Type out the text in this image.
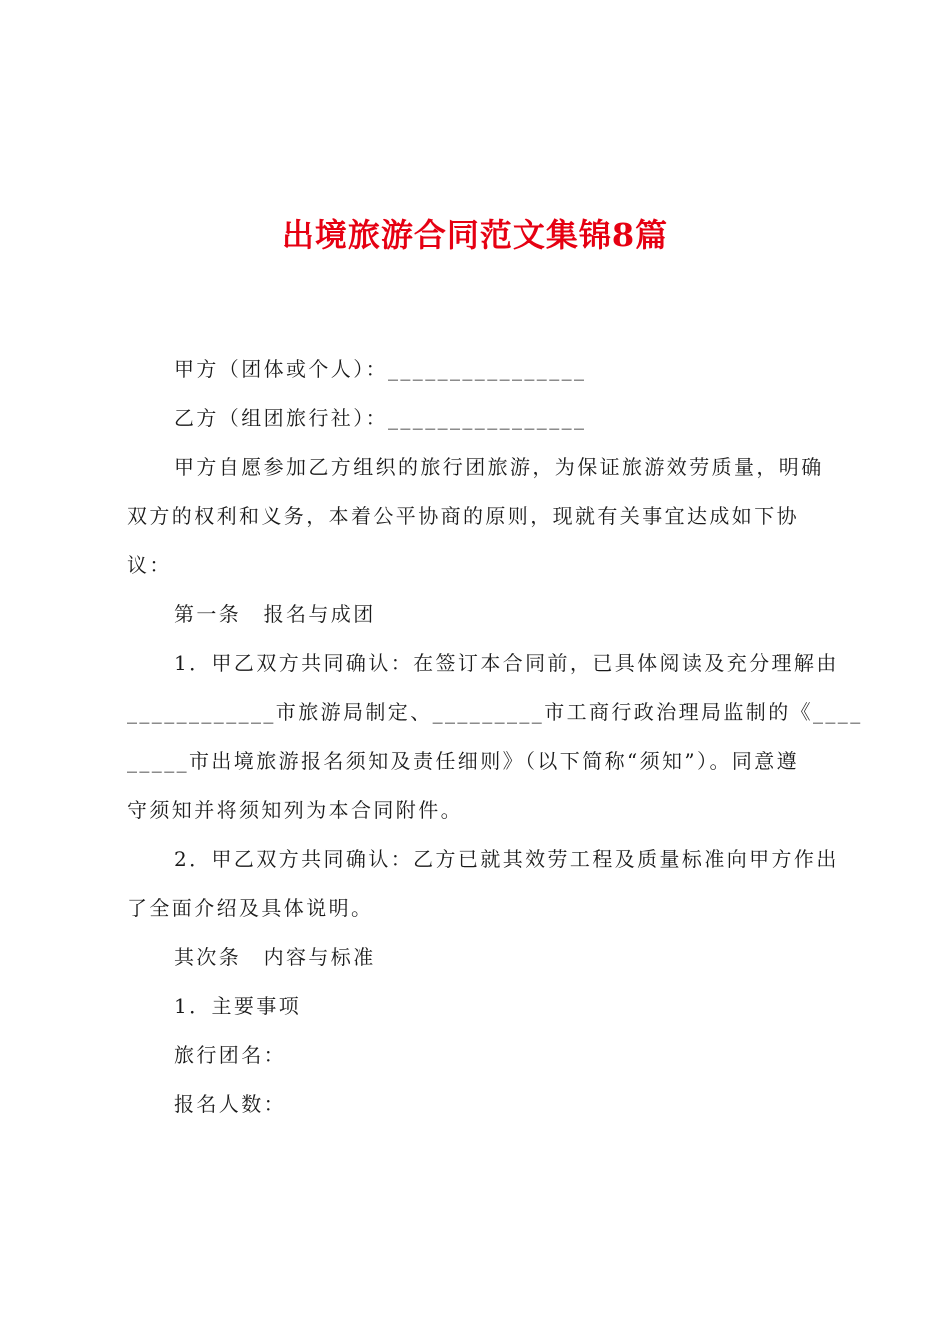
出境旅游合同范文集锦8篇

甲方（团体或个人）：________________

乙方（组团旅行社）：________________

甲方自愿参加乙方组织的旅行团旅游，为保证旅游效劳质量，明确
双方的权利和义务，本着公平协商的原则，现就有关事宜达成如下协
议：

第一条　报名与成团

1．甲乙双方共同确认：在签订本合同前，已具体阅读及充分理解由
____________市旅游局制定、_________市工商行政治理局监制的《____
_____市出境旅游报名须知及责任细则》（以下简称“须知”）。同意遵
守须知并将须知列为本合同附件。

2．甲乙双方共同确认：乙方已就其效劳工程及质量标准向甲方作出
了全面介绍及具体说明。

其次条　内容与标准

1．主要事项

旅行团名：

报名人数：
